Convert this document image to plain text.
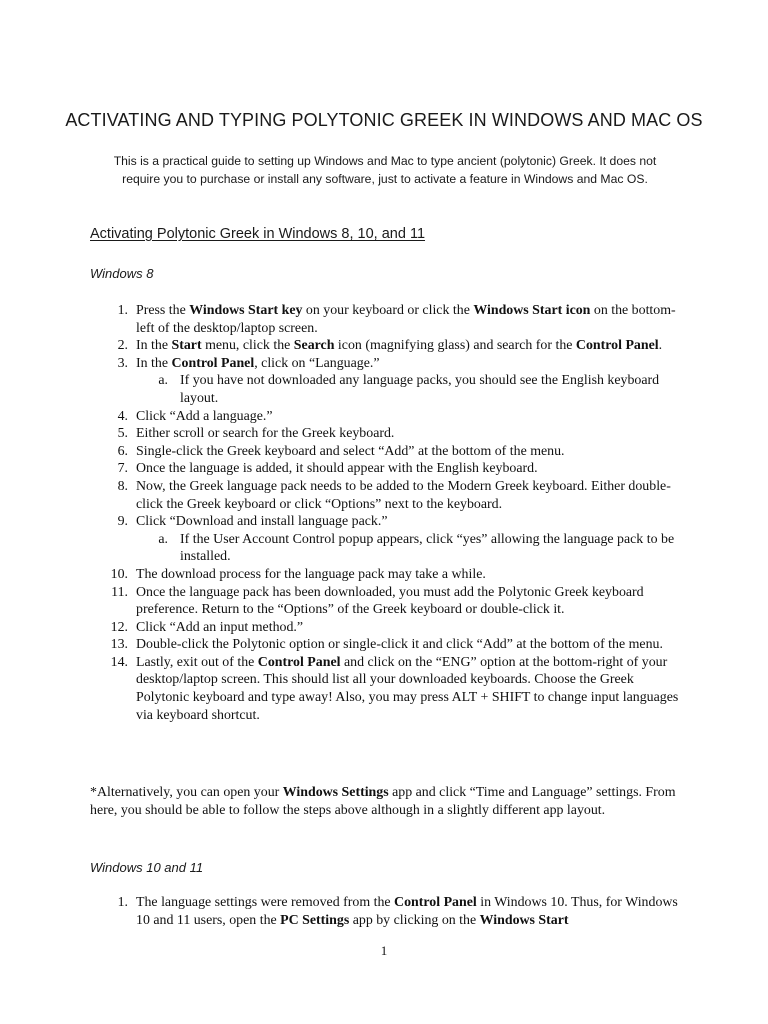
ACTIVATING AND TYPING POLYTONIC GREEK IN WINDOWS AND MAC OS
This is a practical guide to setting up Windows and Mac to type ancient (polytonic) Greek. It does not
require you to purchase or install any software, just to activate a feature in Windows and Mac OS.
Activating Polytonic Greek in Windows 8, 10, and 11
Windows 8
1. Press the Windows Start key on your keyboard or click the Windows Start icon on the bottom-left of the desktop/laptop screen.
2. In the Start menu, click the Search icon (magnifying glass) and search for the Control Panel.
3. In the Control Panel, click on “Language.”
a. If you have not downloaded any language packs, you should see the English keyboard layout.
4. Click “Add a language.”
5. Either scroll or search for the Greek keyboard.
6. Single-click the Greek keyboard and select “Add” at the bottom of the menu.
7. Once the language is added, it should appear with the English keyboard.
8. Now, the Greek language pack needs to be added to the Modern Greek keyboard. Either double-click the Greek keyboard or click “Options” next to the keyboard.
9. Click “Download and install language pack.”
a. If the User Account Control popup appears, click “yes” allowing the language pack to be installed.
10. The download process for the language pack may take a while.
11. Once the language pack has been downloaded, you must add the Polytonic Greek keyboard preference. Return to the “Options” of the Greek keyboard or double-click it.
12. Click “Add an input method.”
13. Double-click the Polytonic option or single-click it and click “Add” at the bottom of the menu.
14. Lastly, exit out of the Control Panel and click on the “ENG” option at the bottom-right of your desktop/laptop screen. This should list all your downloaded keyboards. Choose the Greek Polytonic keyboard and type away! Also, you may press ALT + SHIFT to change input languages via keyboard shortcut.
*Alternatively, you can open your Windows Settings app and click “Time and Language” settings. From here, you should be able to follow the steps above although in a slightly different app layout.
Windows 10 and 11
1. The language settings were removed from the Control Panel in Windows 10. Thus, for Windows 10 and 11 users, open the PC Settings app by clicking on the Windows Start
1
